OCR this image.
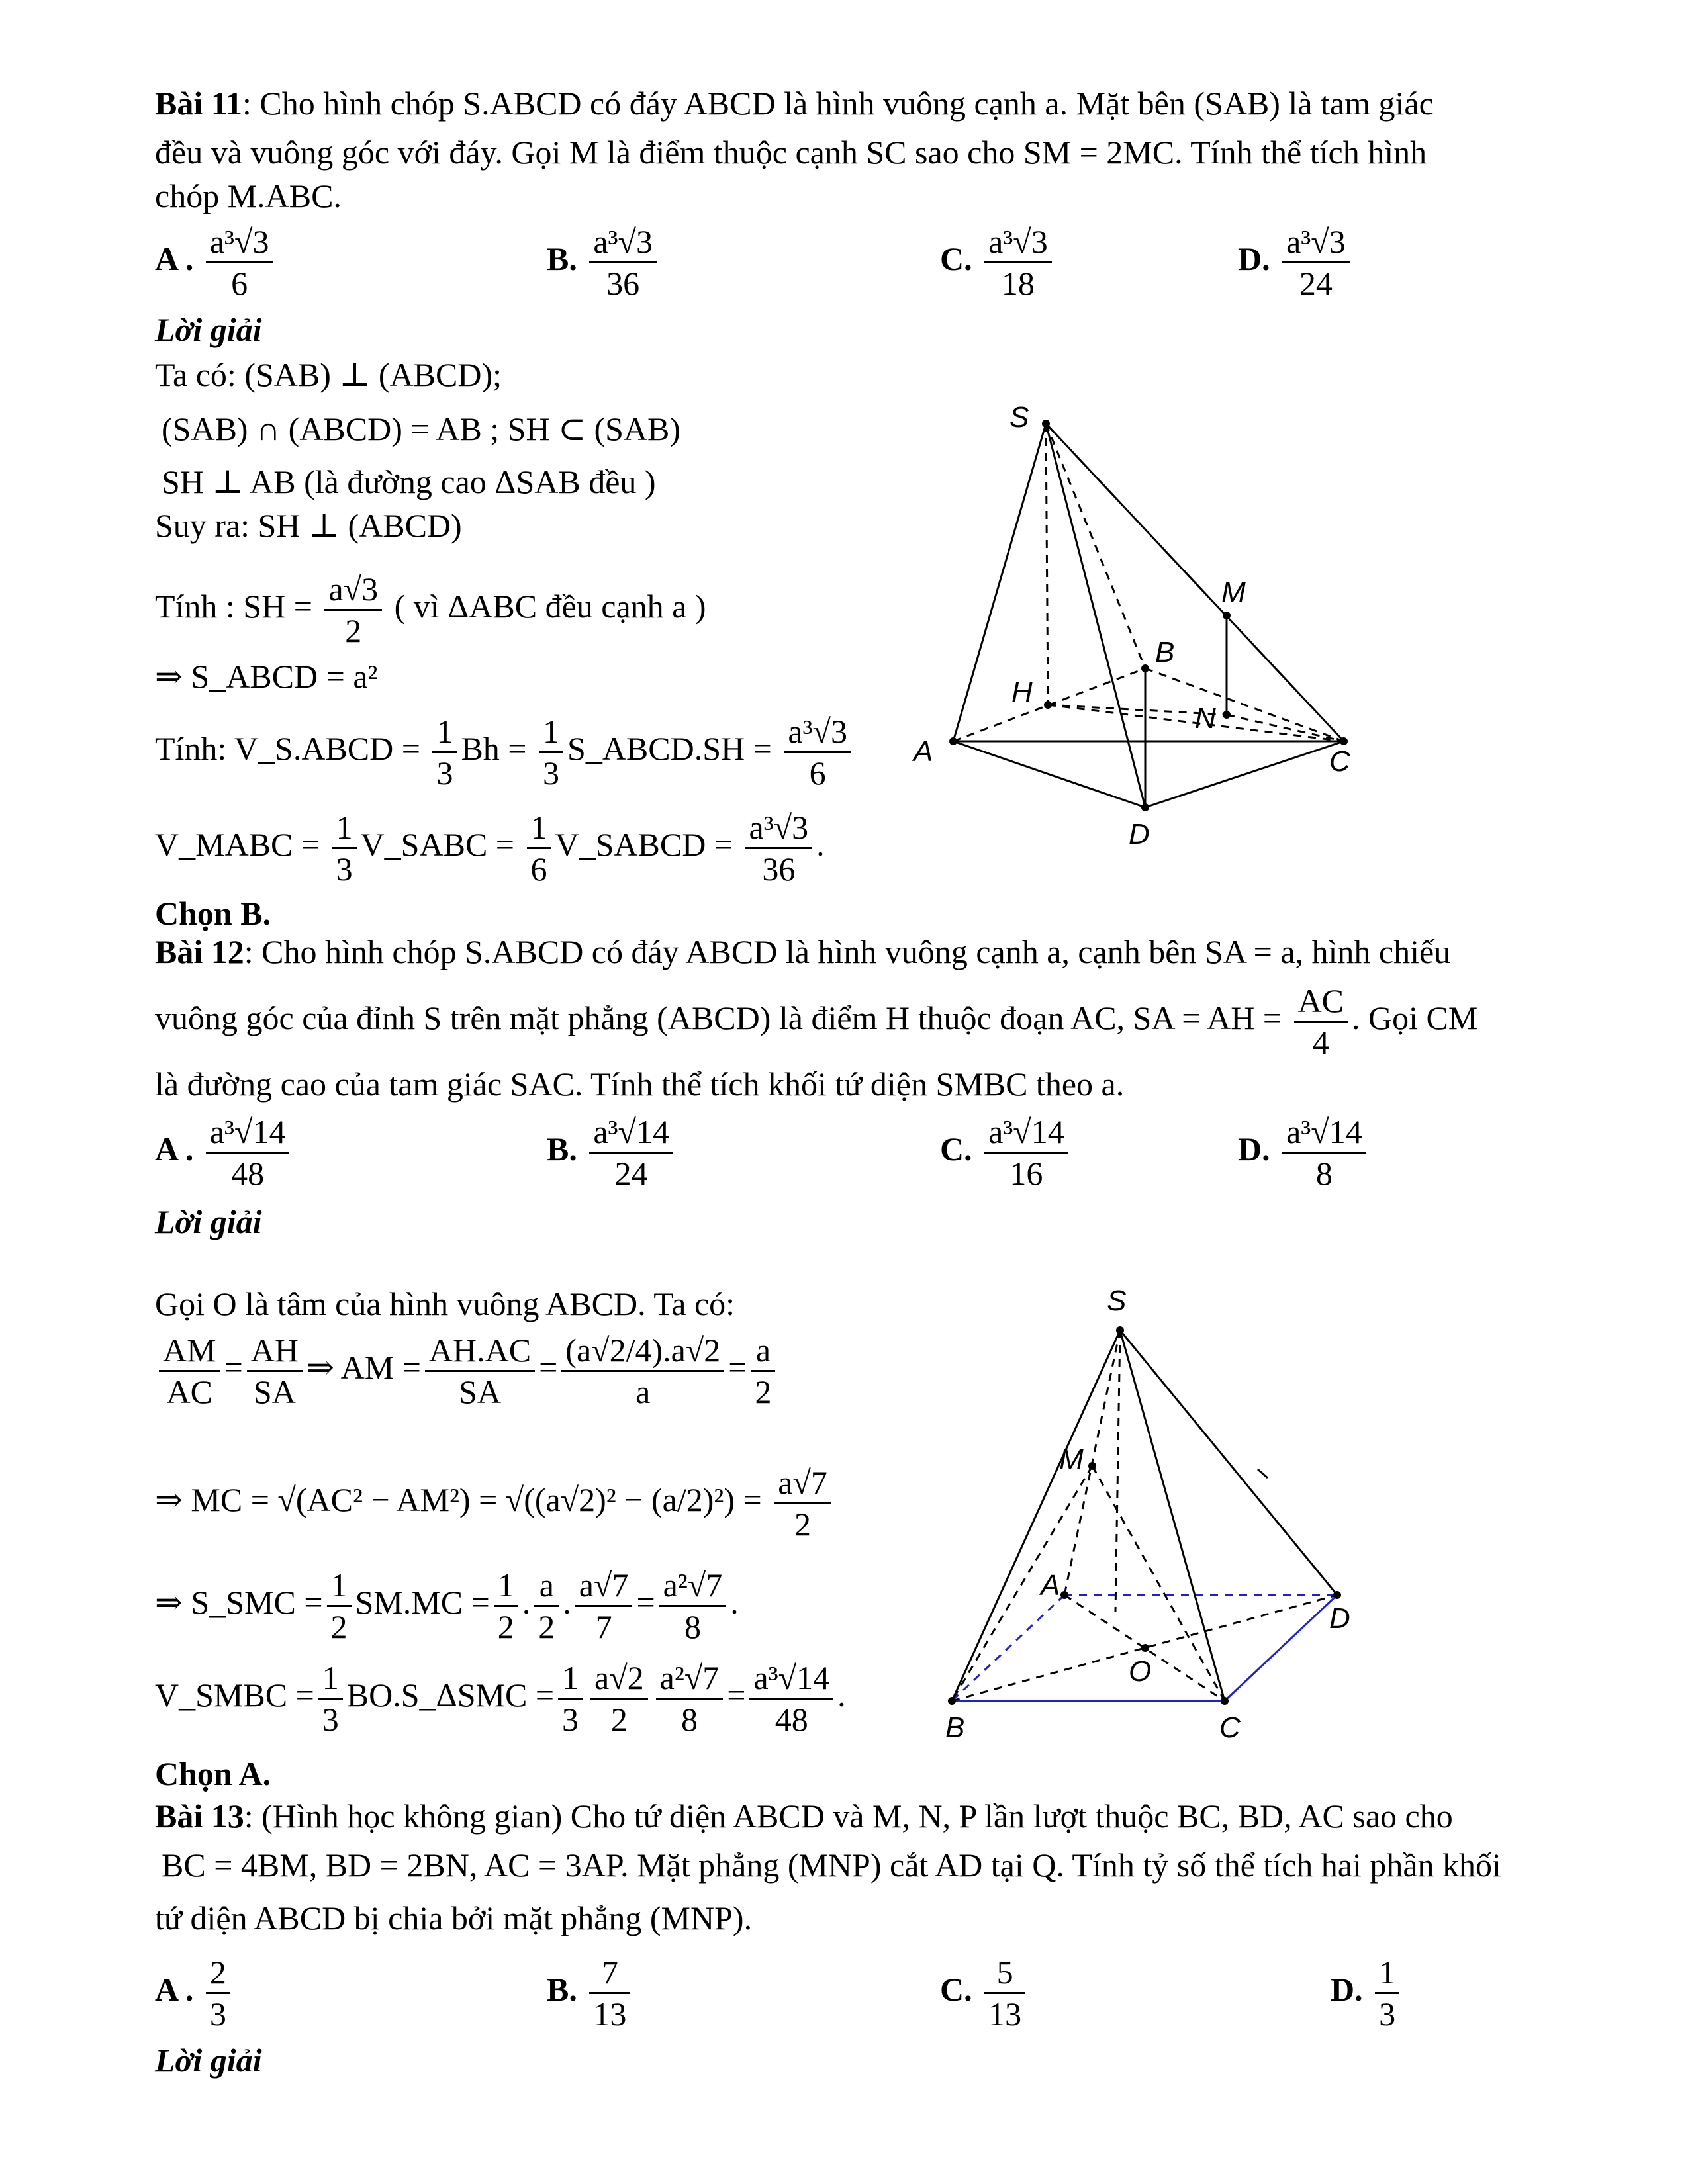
Bài 11: Cho hình chóp S.ABCD có đáy ABCD là hình vuông cạnh a. Mặt bên (SAB) là tam giác
đều và vuông góc với đáy. Gọi M là điểm thuộc cạnh SC sao cho SM = 2MC. Tính thể tích hình
chóp M.ABC.
A . $\frac{\text{a³√3}}{6}$	B. $\frac{\text{a³√3}}{36}$	C. $\frac{\text{a³√3}}{18}$	D. $\frac{\text{a³√3}}{24}$
Lời giải
Ta có: (SAB) ⊥ (ABCD);
(SAB) ∩ (ABCD) = AB ; SH ⊂ (SAB)
SH ⊥ AB (là đường cao ΔSAB đều )
Suy ra: SH ⊥ (ABCD)
Tính : SH = $\frac{a√3}{2}$ ( vì ΔABC đều cạnh a )
⇒ S_ABCD = a²
Tính: V_S.ABCD = $\frac{1}{3}$ $Bh = \frac{1}{3}$ S_ABCD.SH = $\frac{\text{a³√3}}{6}$
V_MABC = $\frac{1}{3}$ V_SABC = $\frac{1}{6}$ V_SABCD = $\frac{\text{a³√3}}{36}$ .
Chọn B.
S
M
B
H
N
A	C
D
Bài 12: Cho hình chóp S.ABCD có đáy ABCD là hình vuông cạnh a, cạnh bên SA = a, hình chiếu
vuông góc của đỉnh S trên mặt phẳng (ABCD) là điểm H thuộc đoạn AC, SA = AH = $\frac{AC}{4}$ . Gọi CM
là đường cao của tam giác SAC. Tính thể tích khối tứ diện SMBC theo a.
A . $\frac{\text{a³√14}}{48}$	B. $\frac{\text{a³√14}}{24}$	C. $\frac{\text{a³√14}}{16}$	D. $\frac{\text{a³√14}}{8}$
Lời giải
Gọi O là tâm của hình vuông ABCD. Ta có:
$\frac{AM}{AC} = \frac{AH}{SA}$ ⇒ AM = $\frac{AH.AC}{SA} = \frac{(a√2/4).a√2}{a} = \frac{a}{2}$
⇒ MC = $√(AC^2 - AM^2) = √((a√2)^2 - (a/2)^2) = \frac{a√7}{2}$
⇒ S_SMC = $\frac{1}{2} SM.MC = \frac{1}{2}$ . $\frac{a}{2}$ . $\frac{a√7}{7} = \frac{\text{a²√7}}{8}$ .
V_SMBC = $\frac{1}{3}$ BO.S_ΔSMC = $\frac{1}{3} \frac{a√2}{2} \frac{\text{a²√7}}{8} = \frac{\text{a³√14}}{48}$ .
Chọn A.
S
M
A
D
O
B	C
Bài 13: (Hình học không gian) Cho tứ diện ABCD và M, N, P lần lượt thuộc BC, BD, AC sao cho
BC = 4BM, BD = 2BN, AC = 3AP. Mặt phẳng (MNP) cắt AD tại Q. Tính tỷ số thể tích hai phần khối
tứ diện ABCD bị chia bởi mặt phẳng (MNP).
A . $\frac{2}{3}$	B. $\frac{7}{13}$	C. $\frac{5}{13}$	D. $\frac{1}{3}$
Lời giải
